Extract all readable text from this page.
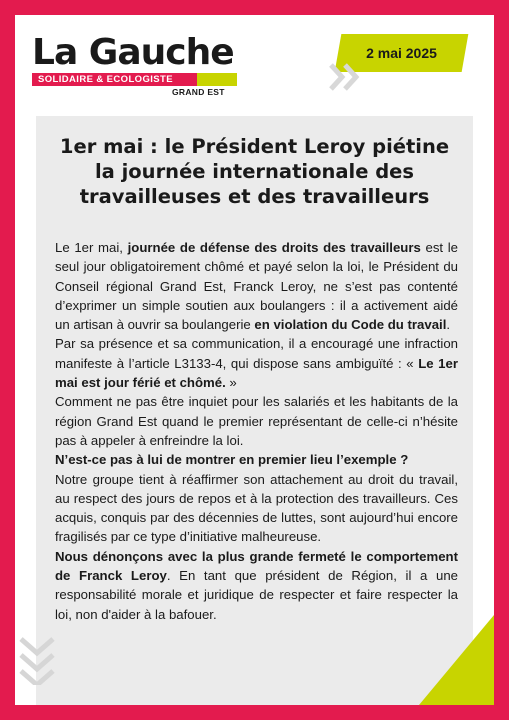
La Gauche
SOLIDAIRE & ECOLOGISTE
GRAND EST
2 mai 2025
1er mai : le Président Leroy piétine
la journée internationale des
travailleuses et des travailleurs

Le 1er mai, journée de défense des droits des travailleurs est le seul jour obligatoirement chômé et payé selon la loi, le Président du Conseil régional Grand Est, Franck Leroy, ne s’est pas contenté d’exprimer un simple soutien aux boulangers : il a activement aidé un artisan à ouvrir sa boulangerie en violation du Code du travail.

Par sa présence et sa communication, il a encouragé une infraction manifeste à l’article L3133-4, qui dispose sans ambiguïté : « Le 1er mai est jour férié et chômé. »

Comment ne pas être inquiet pour les salariés et les habitants de la région Grand Est quand le premier représentant de celle-ci n’hésite pas à appeler à enfreindre la loi.

N’est-ce pas à lui de montrer en premier lieu l’exemple ?

Notre groupe tient à réaffirmer son attachement au droit du travail, au respect des jours de repos et à la protection des travailleurs. Ces acquis, conquis par des décennies de luttes, sont aujourd’hui encore fragilisés par ce type d’initiative malheureuse.

Nous dénonçons avec la plus grande fermeté le comportement de Franck Leroy. En tant que président de Région, il a une responsabilité morale et juridique de respecter et faire respecter la loi, non d'aider à la bafouer.
